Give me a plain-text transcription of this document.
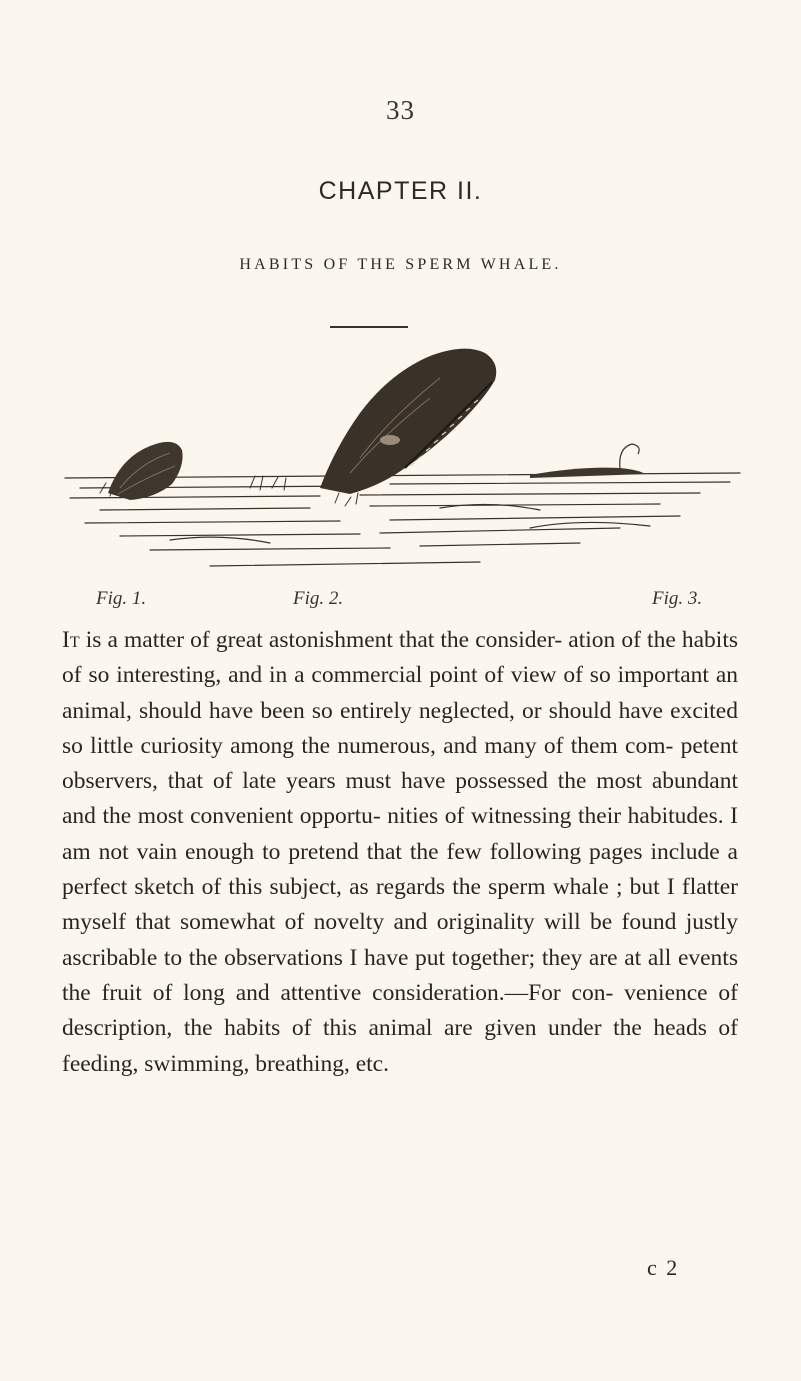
33
CHAPTER II.
HABITS OF THE SPERM WHALE.
Fig. 1.	Fig. 2.	Fig. 3.

It is a matter of great astonishment that the consider- ation of the habits of so interesting, and in a commercial point of view of so important an animal, should have been so entirely neglected, or should have excited so little curiosity among the numerous, and many of them com- petent observers, that of late years must have possessed the most abundant and the most convenient opportu- nities of witnessing their habitudes. I am not vain enough to pretend that the few following pages include a perfect sketch of this subject, as regards the sperm whale ; but I flatter myself that somewhat of novelty and originality will be found justly ascribable to the observations I have put together; they are at all events the fruit of long and attentive consideration.—For con- venience of description, the habits of this animal are given under the heads of feeding, swimming, breathing, etc.

c 2
